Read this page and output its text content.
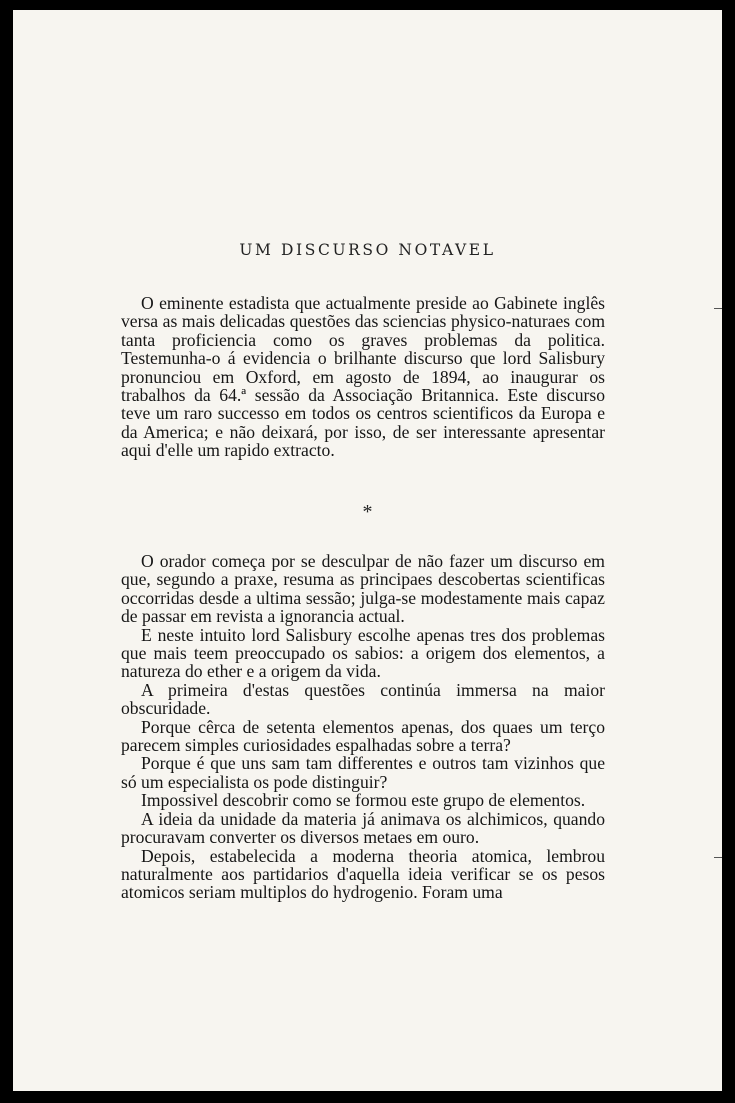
UM DISCURSO NOTAVEL

O eminente estadista que actualmente preside ao Gabinete inglês versa as mais delicadas questões das sciencias physico-naturaes com tanta proficiencia como os graves problemas da politica. Testemunha-o á evidencia o brilhante discurso que lord Salisbury pronunciou em Oxford, em agosto de 1894, ao inaugurar os trabalhos da 64.ª sessão da Associação Britannica. Este discurso teve um raro successo em todos os centros scientificos da Europa e da America; e não deixará, por isso, de ser interessante apresentar aqui d'elle um rapido extracto.

*

O orador começa por se desculpar de não fazer um discurso em que, segundo a praxe, resuma as principaes descobertas scientificas occorridas desde a ultima sessão; julga-se modestamente mais capaz de passar em revista a ignorancia actual.

E neste intuito lord Salisbury escolhe apenas tres dos problemas que mais teem preoccupado os sabios: a origem dos elementos, a natureza do ether e a origem da vida.

A primeira d'estas questões continúa immersa na maior obscuridade.

Porque cêrca de setenta elementos apenas, dos quaes um terço parecem simples curiosidades espalhadas sobre a terra?

Porque é que uns sam tam differentes e outros tam vizinhos que só um especialista os pode distinguir?

Impossivel descobrir como se formou este grupo de elementos.

A ideia da unidade da materia já animava os alchimicos, quando procuravam converter os diversos metaes em ouro.

Depois, estabelecida a moderna theoria atomica, lembrou naturalmente aos partidarios d'aquella ideia verificar se os pesos atomicos seriam multiplos do hydrogenio. Foram uma
